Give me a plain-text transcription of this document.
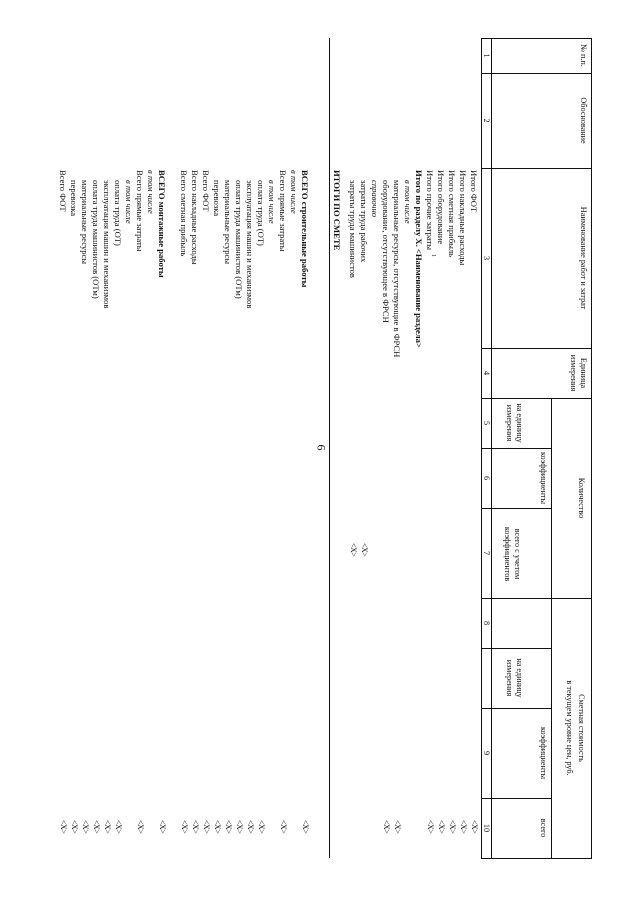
6
№ п.п.
Обоснование
Наименование работ и затрат
Единица измерения
Количество
на единицу измерения
коэффициенты
всего с учетом коэффициентов
Сметная стоимость
в текущем уровне цен, руб.
на единицу измерения
коэффициенты
всего
1
2
3
4
5
6
7
8
9
10
Итого ФОТ
<Х>
Итого накладные расходы
<Х>
Итого сметная прибыль
<Х>
Итого оборудование
<Х>
Итого прочие затраты
<Х>
Итого по разделу X. <Наименование раздела>
в том числе
материальные ресурсы, отсутствующие в ФРСН
<Х>
оборудование, отсутствующее в ФРСН
<Х>
справочно
затраты труда рабочих
<Х>
затраты труда машинистов
<Х>
1
ИТОГИ ПО СМЕТЕ
ВСЕГО строительные работы
<Х>
в том числе
Всего прямые затраты
<Х>
в том числе
оплата труда (ОТ)
<Х>
эксплуатация машин и механизмов
<Х>
оплата труда машинистов (ОТм)
<Х>
материальные ресурсы
<Х>
перевозка
<Х>
Всего ФОТ
<Х>
Всего накладные расходы
<Х>
Всего сметная прибыль
<Х>
ВСЕГО монтажные работы
<Х>
в том числе
Всего прямые затраты
<Х>
в том числе
оплата труда (ОТ)
<Х>
эксплуатация машин и механизмов
<Х>
оплата труда машинистов (ОТм)
<Х>
материальные ресурсы
<Х>
перевозка
<Х>
Всего ФОТ
<Х>
